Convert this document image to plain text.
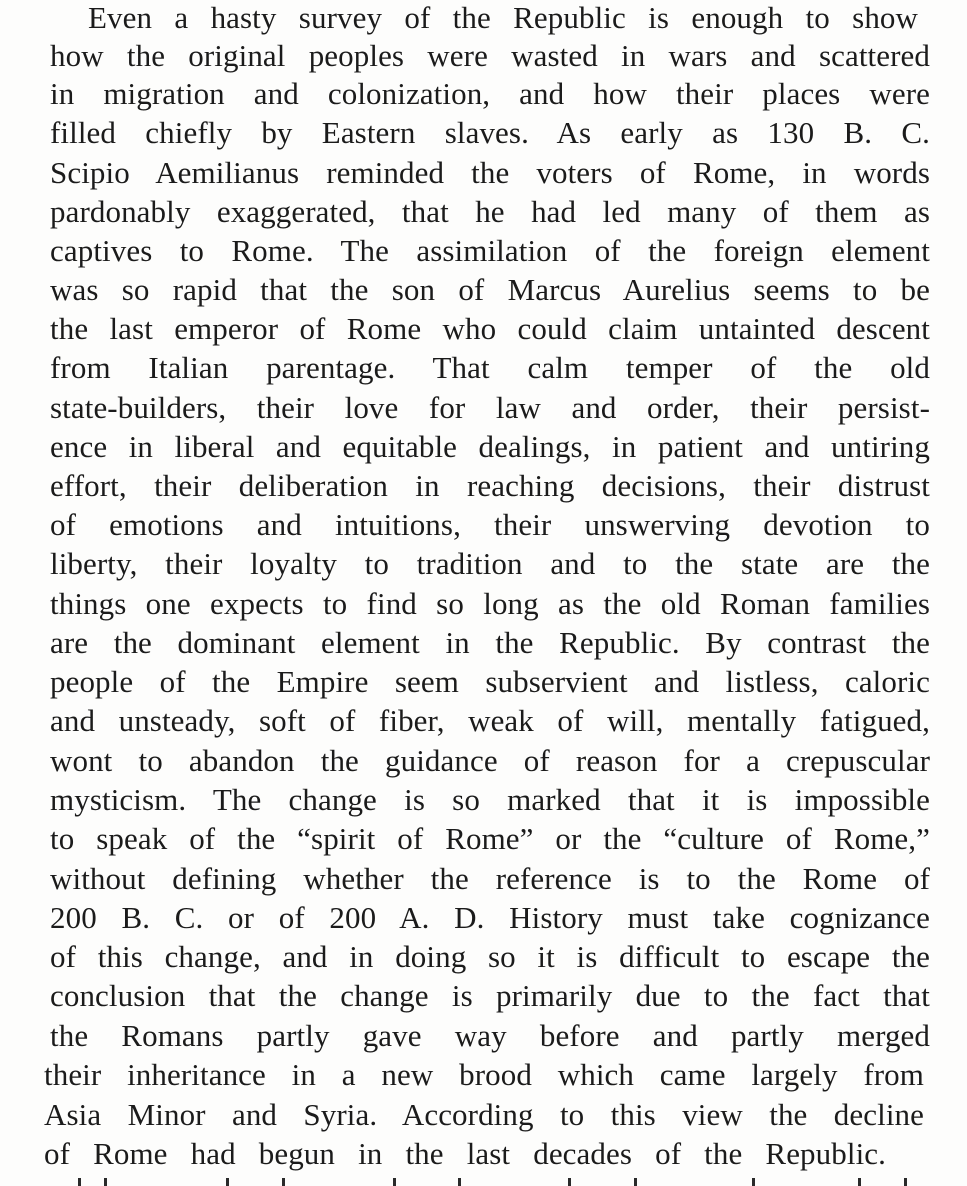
Even a hasty survey of the Republic is enough to show
how the original peoples were wasted in wars and scattered
in migration and colonization, and how their places were
filled chiefly by Eastern slaves. As early as 130 B. C.
Scipio Aemilianus reminded the voters of Rome, in words
pardonably exaggerated, that he had led many of them as
captives to Rome. The assimilation of the foreign element
was so rapid that the son of Marcus Aurelius seems to be
the last emperor of Rome who could claim untainted descent
from Italian parentage. That calm temper of the old
state-builders, their love for law and order, their persist-
ence in liberal and equitable dealings, in patient and untiring
effort, their deliberation in reaching decisions, their distrust
of emotions and intuitions, their unswerving devotion to
liberty, their loyalty to tradition and to the state are the
things one expects to find so long as the old Roman families
are the dominant element in the Republic. By contrast the
people of the Empire seem subservient and listless, caloric
and unsteady, soft of fiber, weak of will, mentally fatigued,
wont to abandon the guidance of reason for a crepuscular
mysticism. The change is so marked that it is impossible
to speak of the “spirit of Rome” or the “culture of Rome,”
without defining whether the reference is to the Rome of
200 B. C. or of 200 A. D. History must take cognizance
of this change, and in doing so it is difficult to escape the
conclusion that the change is primarily due to the fact that
the Romans partly gave way before and partly merged
their inheritance in a new brood which came largely from
Asia Minor and Syria. According to this view the decline
of Rome had begun in the last decades of the Republic.
